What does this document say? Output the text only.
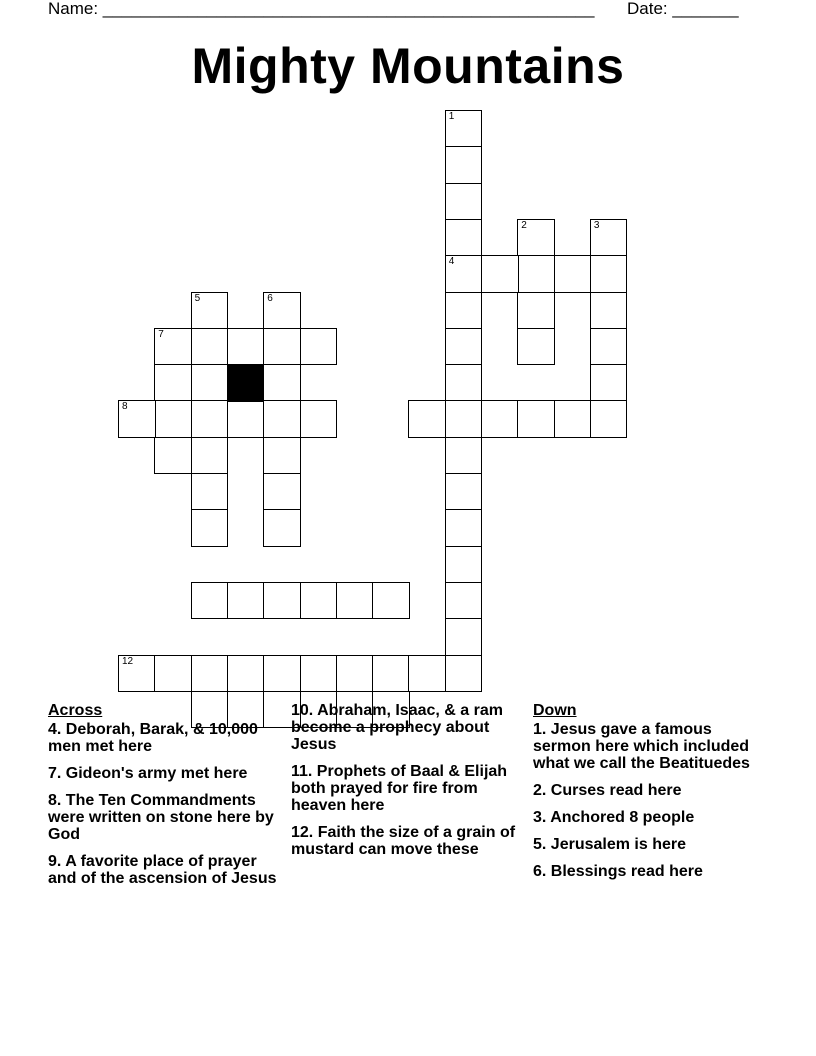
Name: ____________________________________________________ Date: _______
Mighty Mountains
1
4
2	3
5	6
7
8
12
Across
4. Deborah, Barak, & 10,000 men met here
7. Gideon's army met here
8. The Ten Commandments were written on stone here by God
9. A favorite place of prayer and of the ascension of Jesus
10. Abraham, Isaac, & a ram become a prophecy about Jesus
11. Prophets of Baal & Elijah both prayed for fire from heaven here
12. Faith the size of a grain of mustard can move these
Down
1. Jesus gave a famous sermon here which included what we call the Beatituedes
2. Curses read here
3. Anchored 8 people
5. Jerusalem is here
6. Blessings read here
